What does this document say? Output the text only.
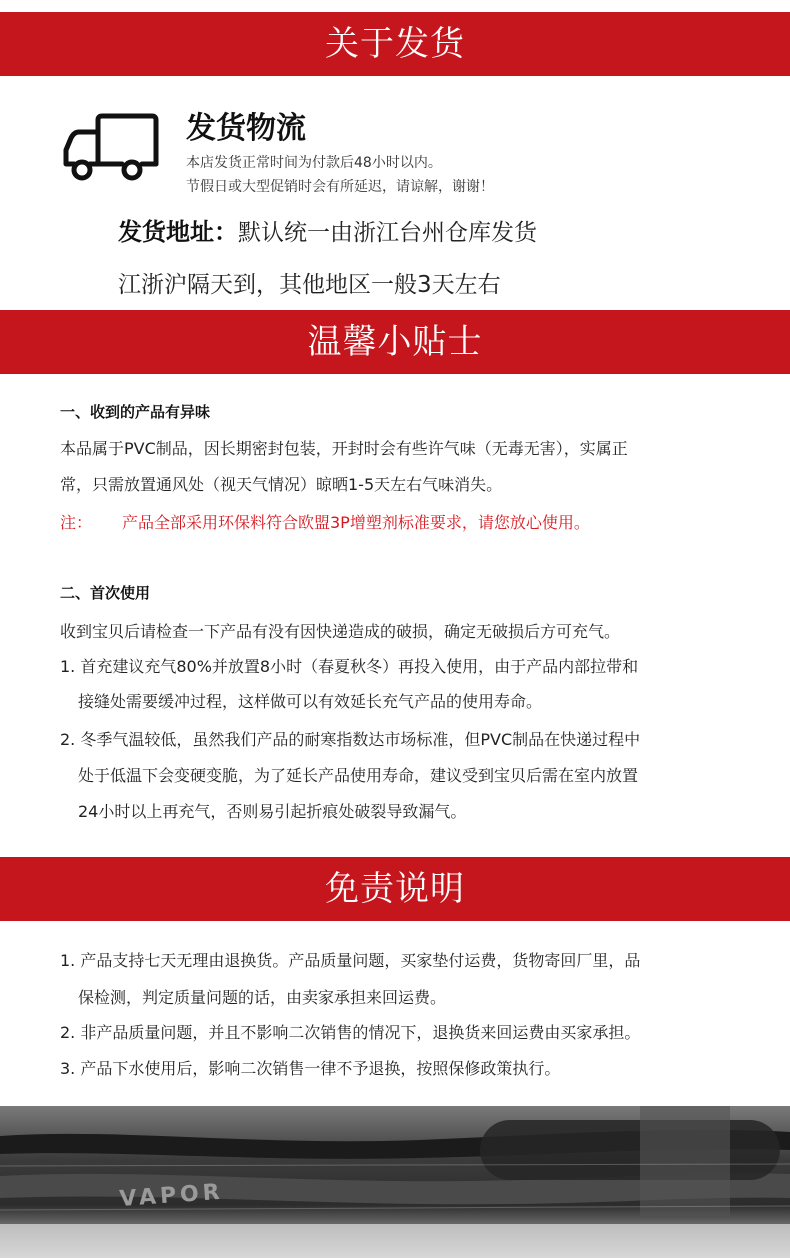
关于发货
发货物流
本店发货正常时间为付款后48小时以内。
节假日或大型促销时会有所延迟，请谅解，谢谢！
发货地址：默认统一由浙江台州仓库发货
江浙沪隔天到，其他地区一般3天左右
温馨小贴士
一、收到的产品有异味
本品属于PVC制品，因长期密封包装，开封时会有些许气味（无毒无害），实属正
常，只需放置通风处（视天气情况）晾晒1-5天左右气味消失。
注： 产品全部采用环保料符合欧盟3P增塑剂标准要求，请您放心使用。
二、首次使用
收到宝贝后请检查一下产品有没有因快递造成的破损，确定无破损后方可充气。
1. 首充建议充气80%并放置8小时（春夏秋冬）再投入使用，由于产品内部拉带和
接缝处需要缓冲过程，这样做可以有效延长充气产品的使用寿命。
2. 冬季气温较低，虽然我们产品的耐寒指数达市场标准，但PVC制品在快递过程中
处于低温下会变硬变脆，为了延长产品使用寿命，建议受到宝贝后需在室内放置
24小时以上再充气，否则易引起折痕处破裂导致漏气。
免责说明
1. 产品支持七天无理由退换货。产品质量问题，买家垫付运费，货物寄回厂里，品
保检测，判定质量问题的话，由卖家承担来回运费。
2. 非产品质量问题，并且不影响二次销售的情况下，退换货来回运费由买家承担。
3. 产品下水使用后，影响二次销售一律不予退换，按照保修政策执行。
VAPOR
